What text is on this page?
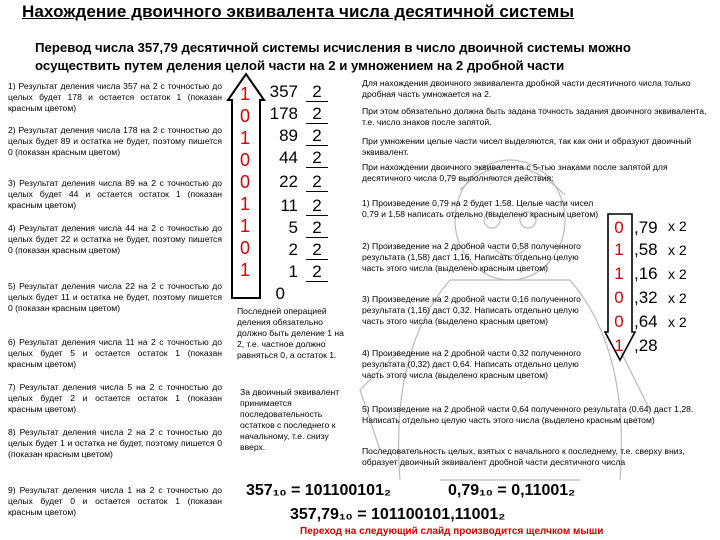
Нахождение двоичного эквивалента числа десятичной системы
Перевод числа 357,79 десятичной системы исчисления в число двоичной системы можно осуществить путем деления целой части на 2 и умножением на 2 дробной части
1) Результат деления числа 357 на 2 с точностью до целых будет 178 и остается остаток 1 (показан красным цветом)
2) Результат деления числа 178 на 2 с точностью до целых будет 89 и остатка не будет, поэтому пишется 0 (показан красным цветом)
3) Результат деления числа 89 на 2 с точностью до целых будет 44 и остается остаток 1 (показан красным цветом)
4) Результат деления числа 44 на 2 с точностью до целых будет 22 и остатка не будет, поэтому пишется 0 (показан красным цветом)
5) Результат деления числа 22 на 2 с точностью до целых будет 11 и остатка не будет, поэтому пишется 0 (показан красным цветом)
6) Результат деления числа 11 на 2 с точностью до целых будет 5 и остается остаток 1 (показан красным цветом)
7) Результат деления числа 5 на 2 с точностью до целых будет 2 и остается остаток 1 (показан красным цветом)
8) Результат деления числа 2 на 2 с точностью до целых будет 1 и остатка не будет, поэтому пишется 0 (показан красным цветом)
9) Результат деления числа 1 на 2 с точностью до целых будет 0 и остается остаток 1 (показан красным цветом)
1
0
1
0
0
1
1
0
1
357
178
89
44
22
11
5
2
1
0
2
2
2
2
2
2
2
2
2
Последней операцией деления обязательно должно быть деление 1 на 2, т.е. частное должно равняться 0, а остаток 1.
За двоичный эквивалент принимается последовательность остатков с последнего к начальному, т.е. снизу вверх.
Для нахождения двоичного эквивалента дробной части десятичного числа только дробная часть умножается на 2.
При этом обязательно должна быть задана точность задания двоичного эквивалента, т.е. число знаков после запятой.
При умножении целые части чисел выделяются, так как они и образуют двоичный эквивалент.
При нахождении двоичного эквивалента с 5-тью знаками после запятой для десятичного числа 0,79 выполняются действия:
1) Произведение 0,79 на 2 будет 1,58. Целые части чисел 0,79 и 1,58 написать отдельно (выделено красным цветом)
2) Произведение на 2 дробной части 0,58 полученного результата (1,58) даст 1,16. Написать отдельно целую часть этого числа (выделено красным цветом)
3) Произведение на 2 дробной части 0,16 полученного результата (1,16) даст 0,32. Написать отдельно целую часть этого числа (выделено красным цветом)
4) Произведение на 2 дробной части 0,32 полученного результата (0,32) даст 0,64. Написать отдельно целую часть этого числа (выделено красным цветом)
5) Произведение на 2 дробной части 0,64 полученного результата (0,64) даст 1,28. Написать отдельно целую часть этого числа (выделено красным цветом)
Последовательность целых, взятых с начального к последнему, т.е. сверху вниз, образует двоичный эквивалент дробной части десятичного числа
0
1
1
0
0
1
,79
,58
,16
,32
,64
,28
x 2
x 2
x 2
x 2
x 2
357₁₀ = 101100101₂	0,79₁₀ = 0,11001₂
357,79₁₀ = 101100101,11001₂
Переход на следующий слайд производится щелчком мыши
